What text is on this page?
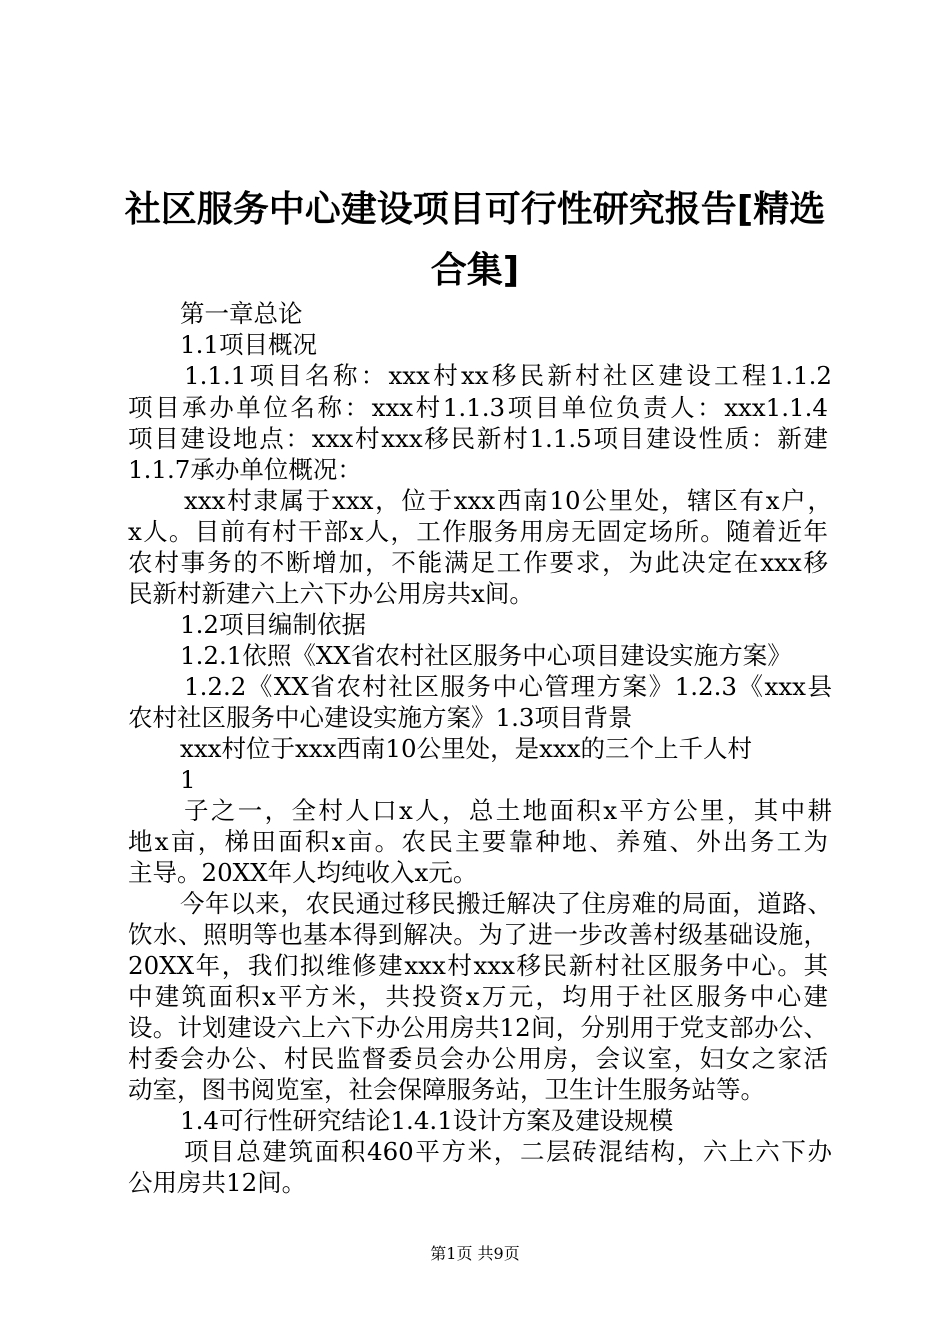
社区服务中心建设项目可行性研究报告[精选
合集]
第一章总论
1.1项目概况
1.1.1项目名称：xxx村xx移民新村社区建设工程1.1.2
项目承办单位名称：xxx村1.1.3项目单位负责人：xxx1.1.4
项目建设地点：xxx村xxx移民新村1.1.5项目建设性质：新建
1.1.7承办单位概况：
xxx村隶属于xxx，位于xxx西南10公里处，辖区有x户，
x人。目前有村干部x人，工作服务用房无固定场所。随着近年
农村事务的不断增加，不能满足工作要求，为此决定在xxx移
民新村新建六上六下办公用房共x间。
1.2项目编制依据
1.2.1依照《XX省农村社区服务中心项目建设实施方案》
1.2.2《XX省农村社区服务中心管理方案》1.2.3《xxx县
农村社区服务中心建设实施方案》1.3项目背景
xxx村位于xxx西南10公里处，是xxx的三个上千人村
1
子之一，全村人口x人，总土地面积x平方公里，其中耕
地x亩，梯田面积x亩。农民主要靠种地、养殖、外出务工为
主导。20XX年人均纯收入x元。
今年以来，农民通过移民搬迁解决了住房难的局面，道路、
饮水、照明等也基本得到解决。为了进一步改善村级基础设施，
20XX年，我们拟维修建xxx村xxx移民新村社区服务中心。其
中建筑面积x平方米，共投资x万元，均用于社区服务中心建
设。计划建设六上六下办公用房共12间，分别用于党支部办公、
村委会办公、村民监督委员会办公用房，会议室，妇女之家活
动室，图书阅览室，社会保障服务站，卫生计生服务站等。
1.4可行性研究结论1.4.1设计方案及建设规模
项目总建筑面积460平方米，二层砖混结构，六上六下办
公用房共12间。
第1页 共9页
